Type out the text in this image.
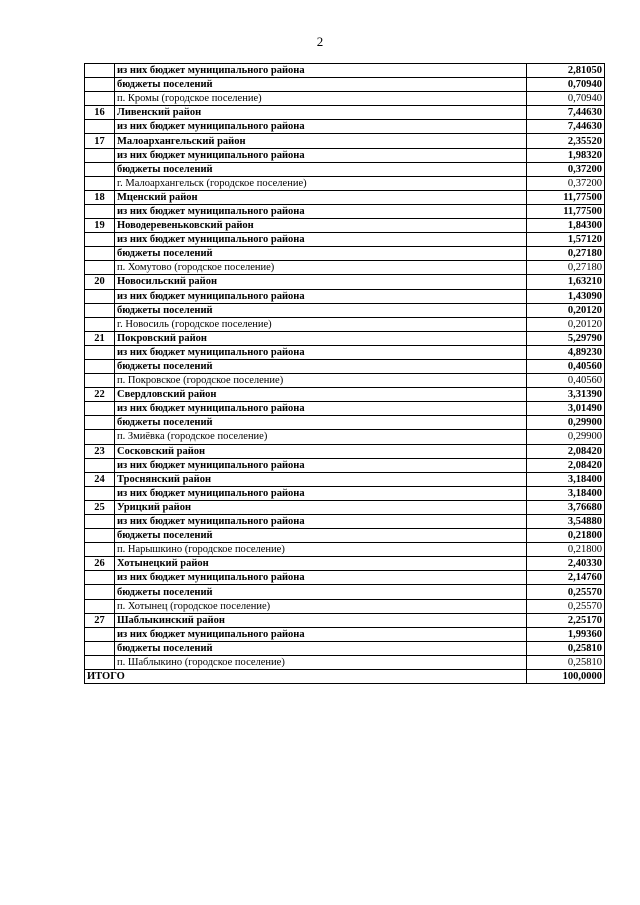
2
	из них бюджет муниципального района	2,81050
	бюджеты поселений	0,70940
	п. Кромы (городское поселение)	0,70940
16	Ливенский район	7,44630
	из них бюджет муниципального района	7,44630
17	Малоархангельский район	2,35520
	из них бюджет муниципального района	1,98320
	бюджеты поселений	0,37200
	г. Малоархангельск (городское поселение)	0,37200
18	Мценский район	11,77500
	из них бюджет муниципального района	11,77500
19	Новодеревеньковский район	1,84300
	из них бюджет муниципального района	1,57120
	бюджеты поселений	0,27180
	п. Хомутово (городское поселение)	0,27180
20	Новосильский район	1,63210
	из них бюджет муниципального района	1,43090
	бюджеты поселений	0,20120
	г. Новосиль (городское поселение)	0,20120
21	Покровский район	5,29790
	из них бюджет муниципального района	4,89230
	бюджеты поселений	0,40560
	п. Покровское (городское поселение)	0,40560
22	Свердловский район	3,31390
	из них бюджет муниципального района	3,01490
	бюджеты поселений	0,29900
	п. Змиёвка (городское поселение)	0,29900
23	Сосковский район	2,08420
	из них бюджет муниципального района	2,08420
24	Троснянский район	3,18400
	из них бюджет муниципального района	3,18400
25	Урицкий район	3,76680
	из них бюджет муниципального района	3,54880
	бюджеты поселений	0,21800
	п. Нарышкино (городское поселение)	0,21800
26	Хотынецкий район	2,40330
	из них бюджет муниципального района	2,14760
	бюджеты поселений	0,25570
	п. Хотынец (городское поселение)	0,25570
27	Шаблыкинский район	2,25170
	из них бюджет муниципального района	1,99360
	бюджеты поселений	0,25810
	п. Шаблыкино (городское поселение)	0,25810
ИТОГО		100,0000
